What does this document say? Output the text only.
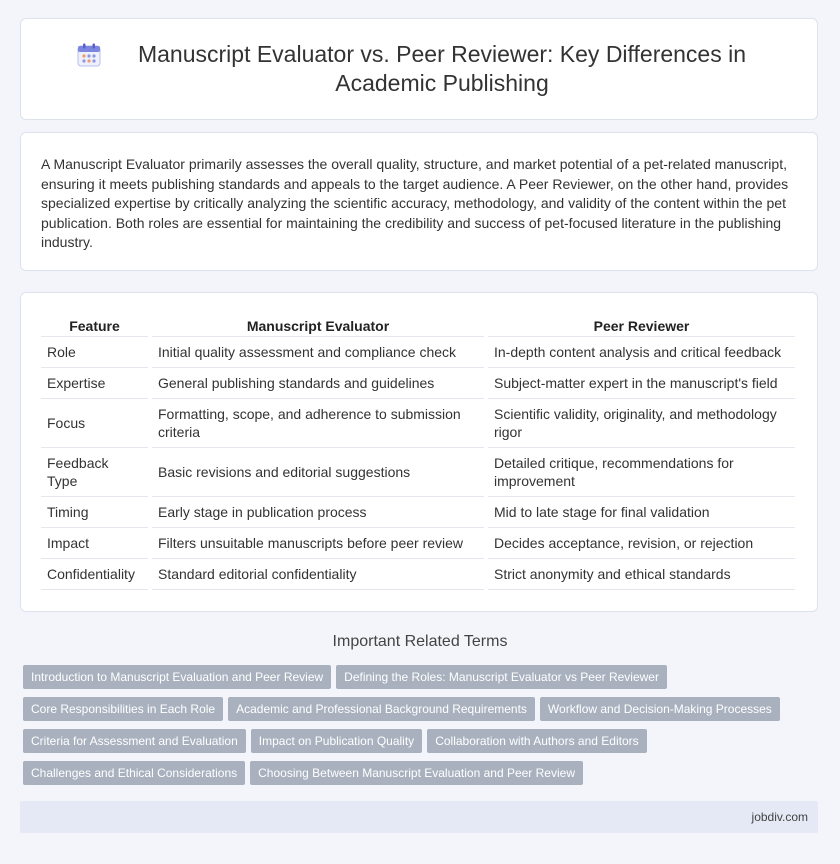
Manuscript Evaluator vs. Peer Reviewer: Key Differences in Academic Publishing

A Manuscript Evaluator primarily assesses the overall quality, structure, and market potential of a pet-related manuscript, ensuring it meets publishing standards and appeals to the target audience. A Peer Reviewer, on the other hand, provides specialized expertise by critically analyzing the scientific accuracy, methodology, and validity of the content within the pet publication. Both roles are essential for maintaining the credibility and success of pet-focused literature in the publishing industry.

Feature	Manuscript Evaluator	Peer Reviewer
Role	Initial quality assessment and compliance check	In-depth content analysis and critical feedback
Expertise	General publishing standards and guidelines	Subject-matter expert in the manuscript's field
Focus	Formatting, scope, and adherence to submission criteria	Scientific validity, originality, and methodology rigor
Feedback Type	Basic revisions and editorial suggestions	Detailed critique, recommendations for improvement
Timing	Early stage in publication process	Mid to late stage for final validation
Impact	Filters unsuitable manuscripts before peer review	Decides acceptance, revision, or rejection
Confidentiality	Standard editorial confidentiality	Strict anonymity and ethical standards
Important Related Terms
Introduction to Manuscript Evaluation and Peer Review Defining the Roles: Manuscript Evaluator vs Peer Reviewer
Core Responsibilities in Each Role Academic and Professional Background Requirements Workflow and Decision-Making Processes
Criteria for Assessment and Evaluation Impact on Publication Quality Collaboration with Authors and Editors
Challenges and Ethical Considerations Choosing Between Manuscript Evaluation and Peer Review
jobdiv.com
